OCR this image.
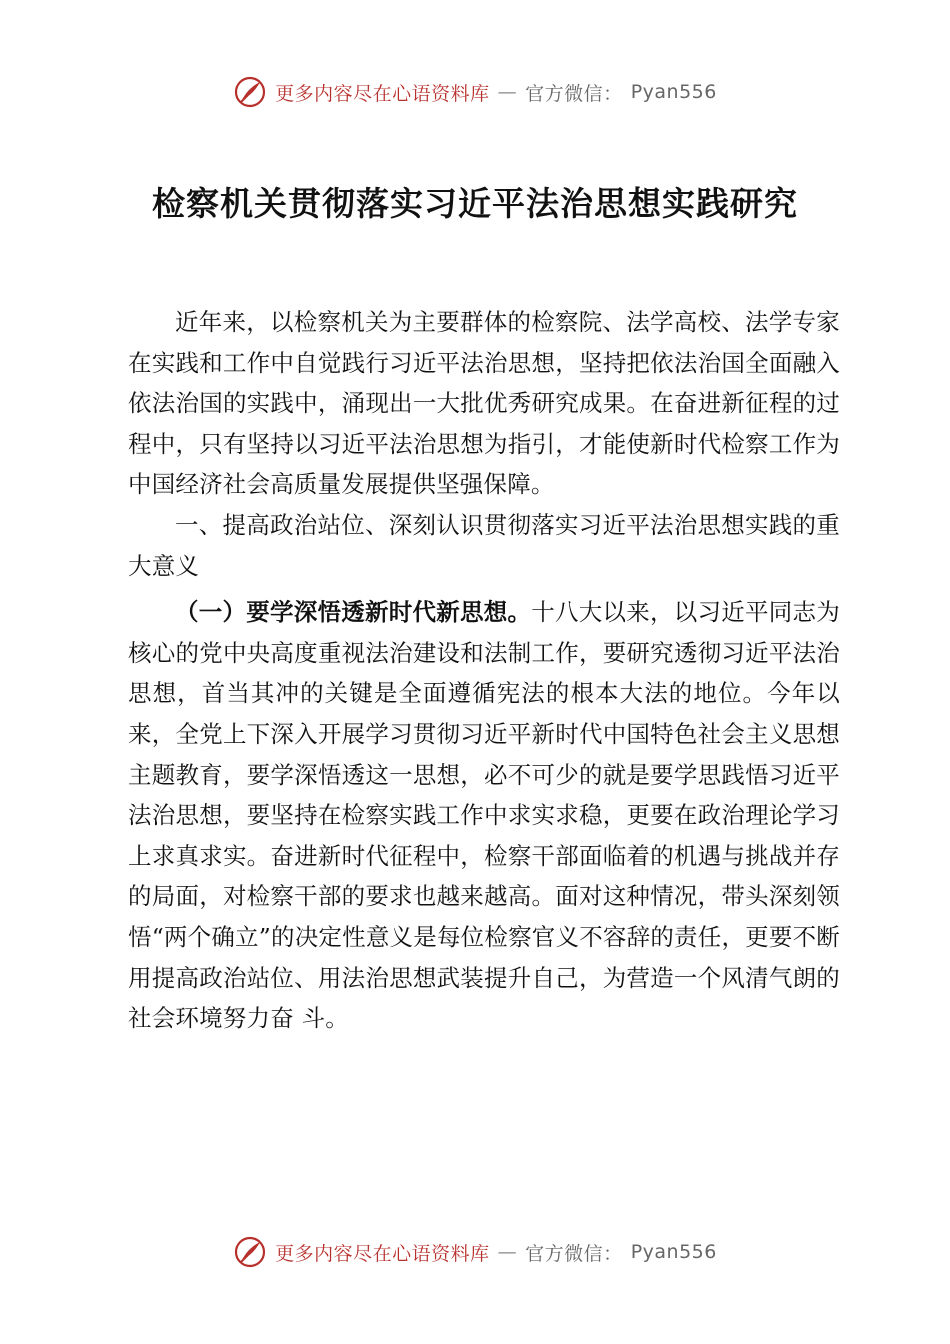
更多内容尽在心语资料库 — 官方微信： Pyan556
检察机关贯彻落实习近平法治思想实践研究

近年来，以检察机关为主要群体的检察院、法学高校、法学专家在实践和工作中自觉践行习近平法治思想，坚持把依法治国全面融入依法治国的实践中，涌现出一大批优秀研究成果。在奋进新征程的过程中，只有坚持以习近平法治思想为指引，才能使新时代检察工作为中国经济社会高质量发展提供坚强保障。

一、提高政治站位、深刻认识贯彻落实习近平法治思想实践的重大意义

（一）要学深悟透新时代新思想。十八大以来，以习近平同志为核心的党中央高度重视法治建设和法制工作，要研究透彻习近平法治思想，首当其冲的关键是全面遵循宪法的根本大法的地位。今年以来，全党上下深入开展学习贯彻习近平新时代中国特色社会主义思想主题教育，要学深悟透这一思想，必不可少的就是要学思践悟习近平法治思想，要坚持在检察实践工作中求实求稳，更要在政治理论学习上求真求实。奋进新时代征程中，检察干部面临着的机遇与挑战并存的局面，对检察干部的要求也越来越高。面对这种情况，带头深刻领悟“两个确立”的决定性意义是每位检察官义不容辞的责任，更要不断用提高政治站位、用法治思想武装提升自己，为营造一个风清气朗的社会环境努力奋 斗。

更多内容尽在心语资料库 — 官方微信： Pyan556
